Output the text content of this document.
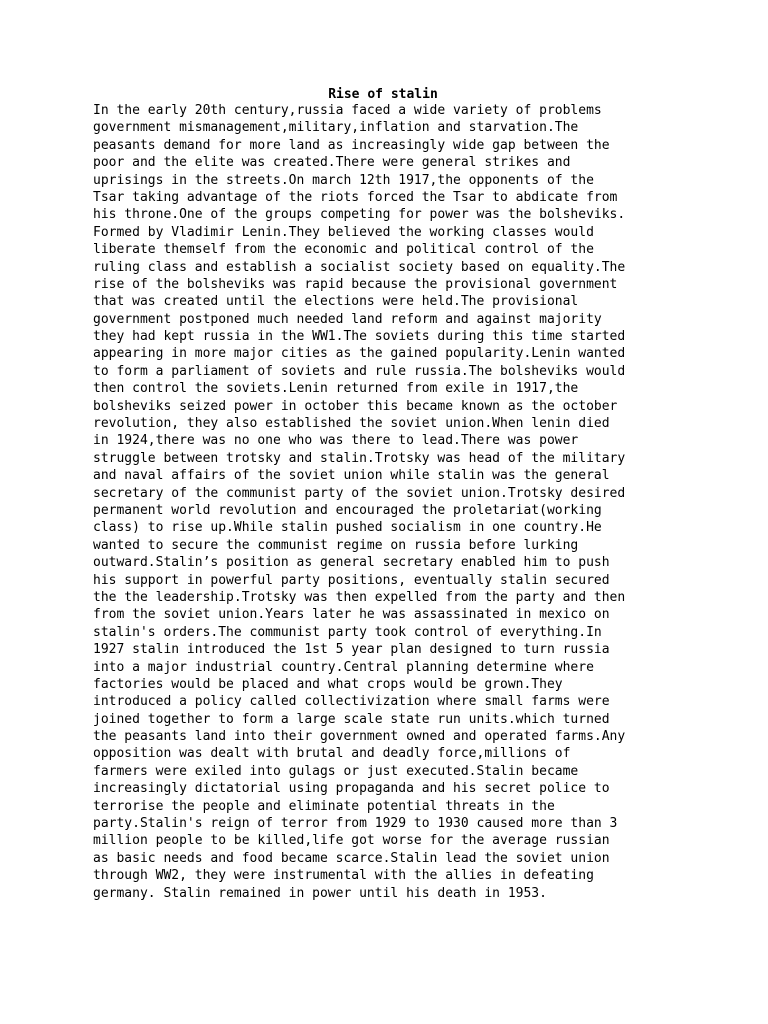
Rise of stalin
In the early 20th century,russia faced a wide variety of problems
government mismanagement,military,inflation and starvation.The
peasants demand for more land as increasingly wide gap between the
poor and the elite was created.There were general strikes and
uprisings in the streets.On march 12th 1917,the opponents of the
Tsar taking advantage of the riots forced the Tsar to abdicate from
his throne.One of the groups competing for power was the bolsheviks.
Formed by Vladimir Lenin.They believed the working classes would
liberate themself from the economic and political control of the
ruling class and establish a socialist society based on equality.The
rise of the bolsheviks was rapid because the provisional government
that was created until the elections were held.The provisional
government postponed much needed land reform and against majority
they had kept russia in the WW1.The soviets during this time started
appearing in more major cities as the gained popularity.Lenin wanted
to form a parliament of soviets and rule russia.The bolsheviks would
then control the soviets.Lenin returned from exile in 1917,the
bolsheviks seized power in october this became known as the october
revolution, they also established the soviet union.When lenin died
in 1924,there was no one who was there to lead.There was power
struggle between trotsky and stalin.Trotsky was head of the military
and naval affairs of the soviet union while stalin was the general
secretary of the communist party of the soviet union.Trotsky desired
permanent world revolution and encouraged the proletariat(working
class) to rise up.While stalin pushed socialism in one country.He
wanted to secure the communist regime on russia before lurking
outward.Stalin’s position as general secretary enabled him to push
his support in powerful party positions, eventually stalin secured
the the leadership.Trotsky was then expelled from the party and then
from the soviet union.Years later he was assassinated in mexico on
stalin's orders.The communist party took control of everything.In
1927 stalin introduced the 1st 5 year plan designed to turn russia
into a major industrial country.Central planning determine where
factories would be placed and what crops would be grown.They
introduced a policy called collectivization where small farms were
joined together to form a large scale state run units.which turned
the peasants land into their government owned and operated farms.Any
opposition was dealt with brutal and deadly force,millions of
farmers were exiled into gulags or just executed.Stalin became
increasingly dictatorial using propaganda and his secret police to
terrorise the people and eliminate potential threats in the
party.Stalin's reign of terror from 1929 to 1930 caused more than 3
million people to be killed,life got worse for the average russian
as basic needs and food became scarce.Stalin lead the soviet union
through WW2, they were instrumental with the allies in defeating
germany. Stalin remained in power until his death in 1953.
